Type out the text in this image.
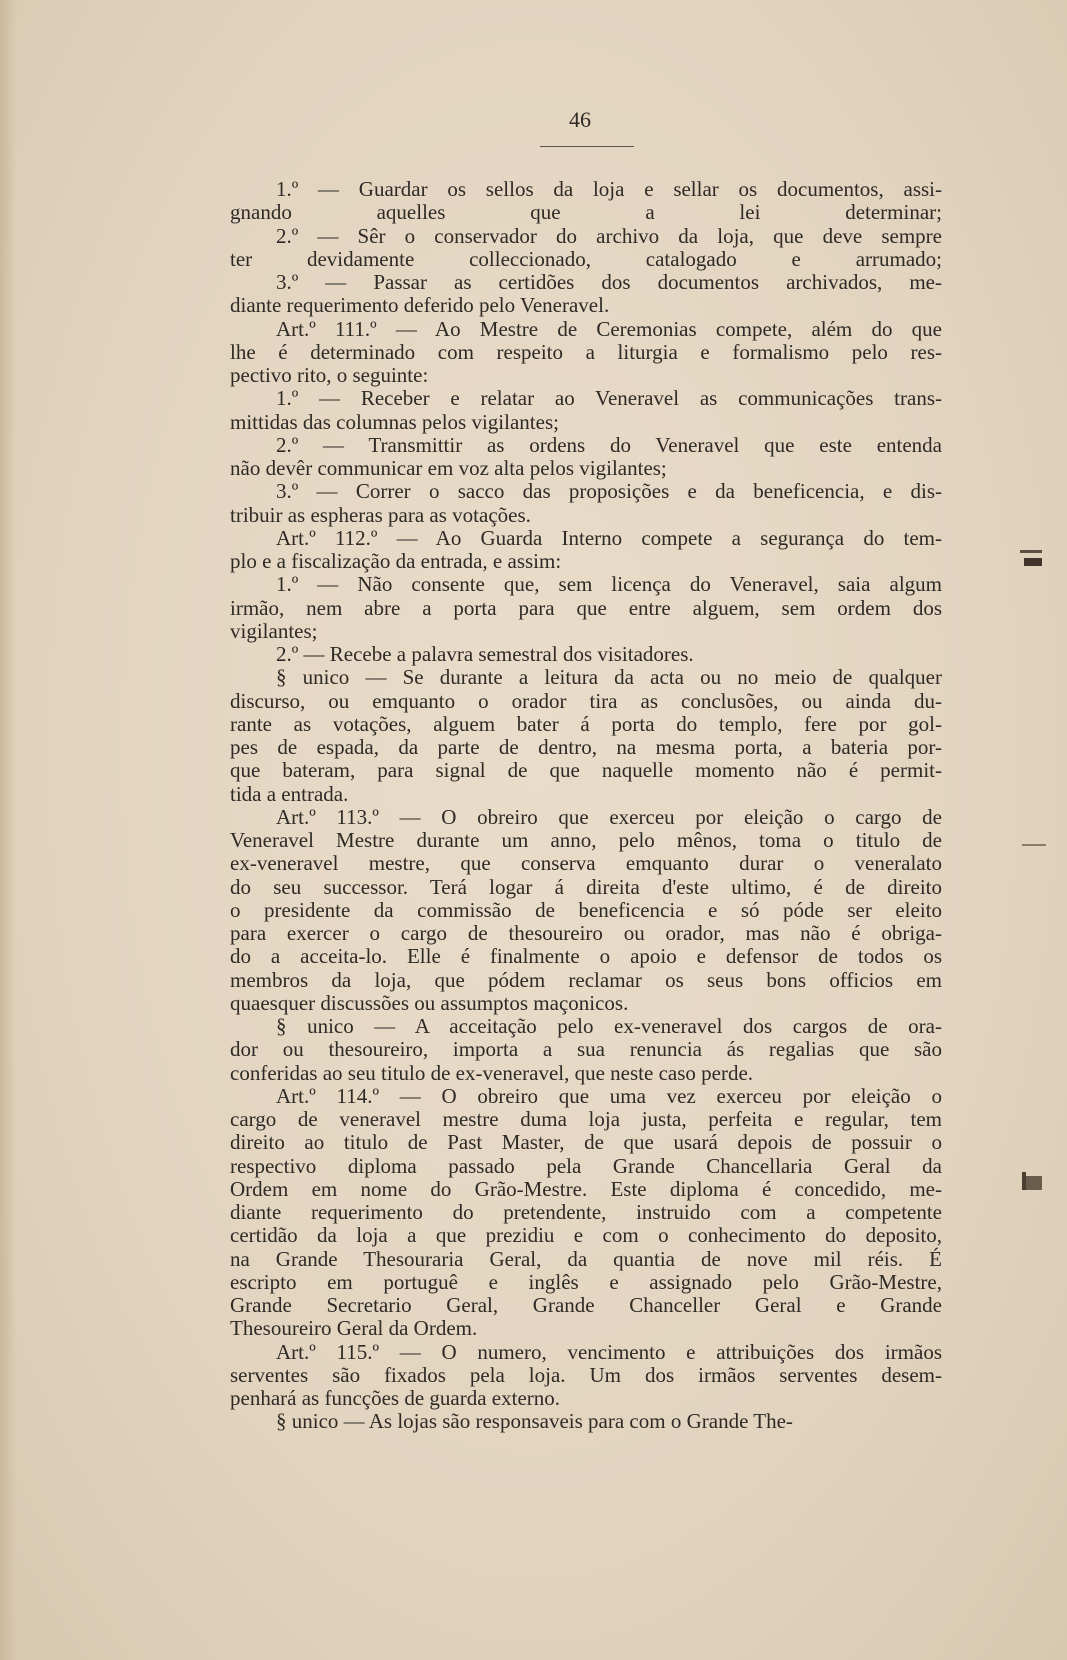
46
1.º — Guardar os sellos da loja e sellar os documentos, assi-
gnando aquelles que a lei determinar;
2.º — Sêr o conservador do archivo da loja, que deve sempre
ter devidamente colleccionado, catalogado e arrumado;
3.º — Passar as certidões dos documentos archivados, me-
diante requerimento deferido pelo Veneravel.
Art.º 111.º — Ao Mestre de Ceremonias compete, além do que
lhe é determinado com respeito a liturgia e formalismo pelo res-
pectivo rito, o seguinte:
1.º — Receber e relatar ao Veneravel as communicações trans-
mittidas das columnas pelos vigilantes;
2.º — Transmittir as ordens do Veneravel que este entenda
não devêr communicar em voz alta pelos vigilantes;
3.º — Correr o sacco das proposições e da beneficencia, e dis-
tribuir as espheras para as votações.
Art.º 112.º — Ao Guarda Interno compete a segurança do tem-
plo e a fiscalização da entrada, e assim:
1.º — Não consente que, sem licença do Veneravel, saia algum
irmão, nem abre a porta para que entre alguem, sem ordem dos
vigilantes;
2.º — Recebe a palavra semestral dos visitadores.
§ unico — Se durante a leitura da acta ou no meio de qualquer
discurso, ou emquanto o orador tira as conclusões, ou ainda du-
rante as votações, alguem bater á porta do templo, fere por gol-
pes de espada, da parte de dentro, na mesma porta, a bateria por-
que bateram, para signal de que naquelle momento não é permit-
tida a entrada.
Art.º 113.º — O obreiro que exerceu por eleição o cargo de
Veneravel Mestre durante um anno, pelo mênos, toma o titulo de
ex-veneravel mestre, que conserva emquanto durar o veneralato
do seu successor. Terá logar á direita d'este ultimo, é de direito
o presidente da commissão de beneficencia e só póde ser eleito
para exercer o cargo de thesoureiro ou orador, mas não é obriga-
do a acceita-lo. Elle é finalmente o apoio e defensor de todos os
membros da loja, que pódem reclamar os seus bons officios em
quaesquer discussões ou assumptos maçonicos.
§ unico — A acceitação pelo ex-veneravel dos cargos de ora-
dor ou thesoureiro, importa a sua renuncia ás regalias que são
conferidas ao seu titulo de ex-veneravel, que neste caso perde.
Art.º 114.º — O obreiro que uma vez exerceu por eleição o
cargo de veneravel mestre duma loja justa, perfeita e regular, tem
direito ao titulo de Past Master, de que usará depois de possuir o
respectivo diploma passado pela Grande Chancellaria Geral da
Ordem em nome do Grão-Mestre. Este diploma é concedido, me-
diante requerimento do pretendente, instruido com a competente
certidão da loja a que prezidiu e com o conhecimento do deposito,
na Grande Thesouraria Geral, da quantia de nove mil réis. É
escripto em portuguê e inglês e assignado pelo Grão-Mestre,
Grande Secretario Geral, Grande Chanceller Geral e Grande
Thesoureiro Geral da Ordem.
Art.º 115.º — O numero, vencimento e attribuições dos irmãos
serventes são fixados pela loja. Um dos irmãos serventes desem-
penhará as funcções de guarda externo.
§ unico — As lojas são responsaveis para com o Grande The-
